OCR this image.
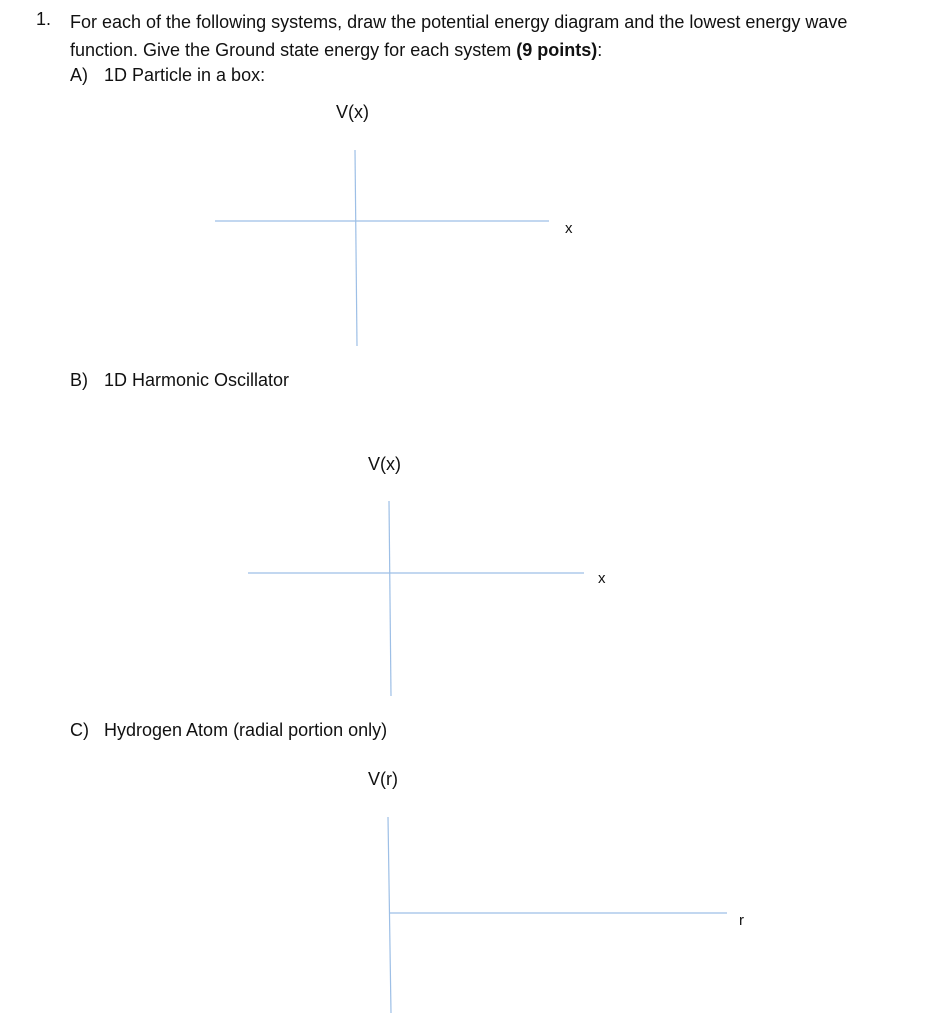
1. For each of the following systems, draw the potential energy diagram and the lowest energy wave function. Give the Ground state energy for each system (9 points):
A) 1D Particle in a box:
V(x)
x
B) 1D Harmonic Oscillator
V(x)
x
C) Hydrogen Atom (radial portion only)
V(r)
r
